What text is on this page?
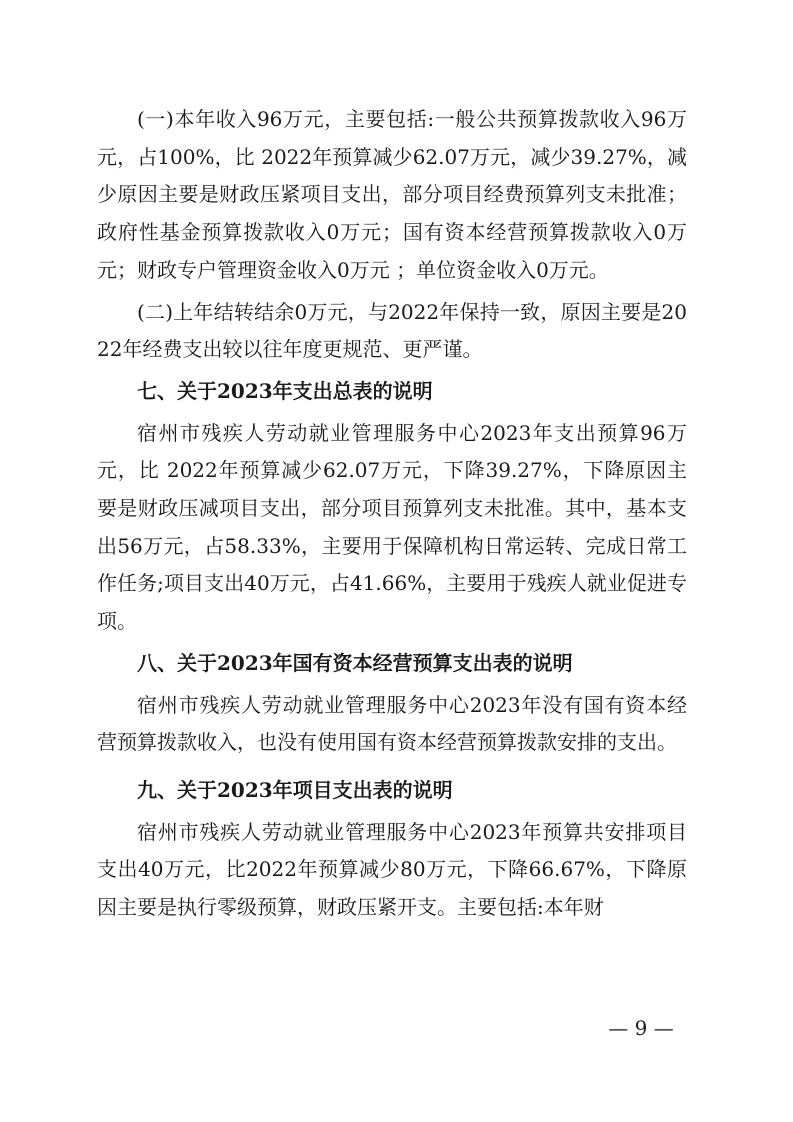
(一)本年收入96万元，主要包括:一般公共预算拨款收入96万元，占100%，比 2022年预算减少62.07万元，减少39.27%，减少原因主要是财政压紧项目支出，部分项目经费预算列支未批准；政府性基金预算拨款收入0万元；国有资本经营预算拨款收入0万元；财政专户管理资金收入0万元 ；单位资金收入0万元。

(二)上年结转结余0万元，与2022年保持一致，原因主要是2022年经费支出较以往年度更规范、更严谨。

七、关于2023年支出总表的说明

宿州市残疾人劳动就业管理服务中心2023年支出预算96万元，比 2022年预算减少62.07万元，下降39.27%，下降原因主要是财政压减项目支出，部分项目预算列支未批准。其中，基本支出56万元，占58.33%，主要用于保障机构日常运转、完成日常工作任务;项目支出40万元，占41.66%，主要用于残疾人就业促进专项。

八、关于2023年国有资本经营预算支出表的说明

宿州市残疾人劳动就业管理服务中心2023年没有国有资本经营预算拨款收入，也没有使用国有资本经营预算拨款安排的支出。

九、关于2023年项目支出表的说明

宿州市残疾人劳动就业管理服务中心2023年预算共安排项目支出40万元，比2022年预算减少80万元，下降66.67%，下降原因主要是执行零级预算，财政压紧开支。主要包括:本年财

— 9 —
